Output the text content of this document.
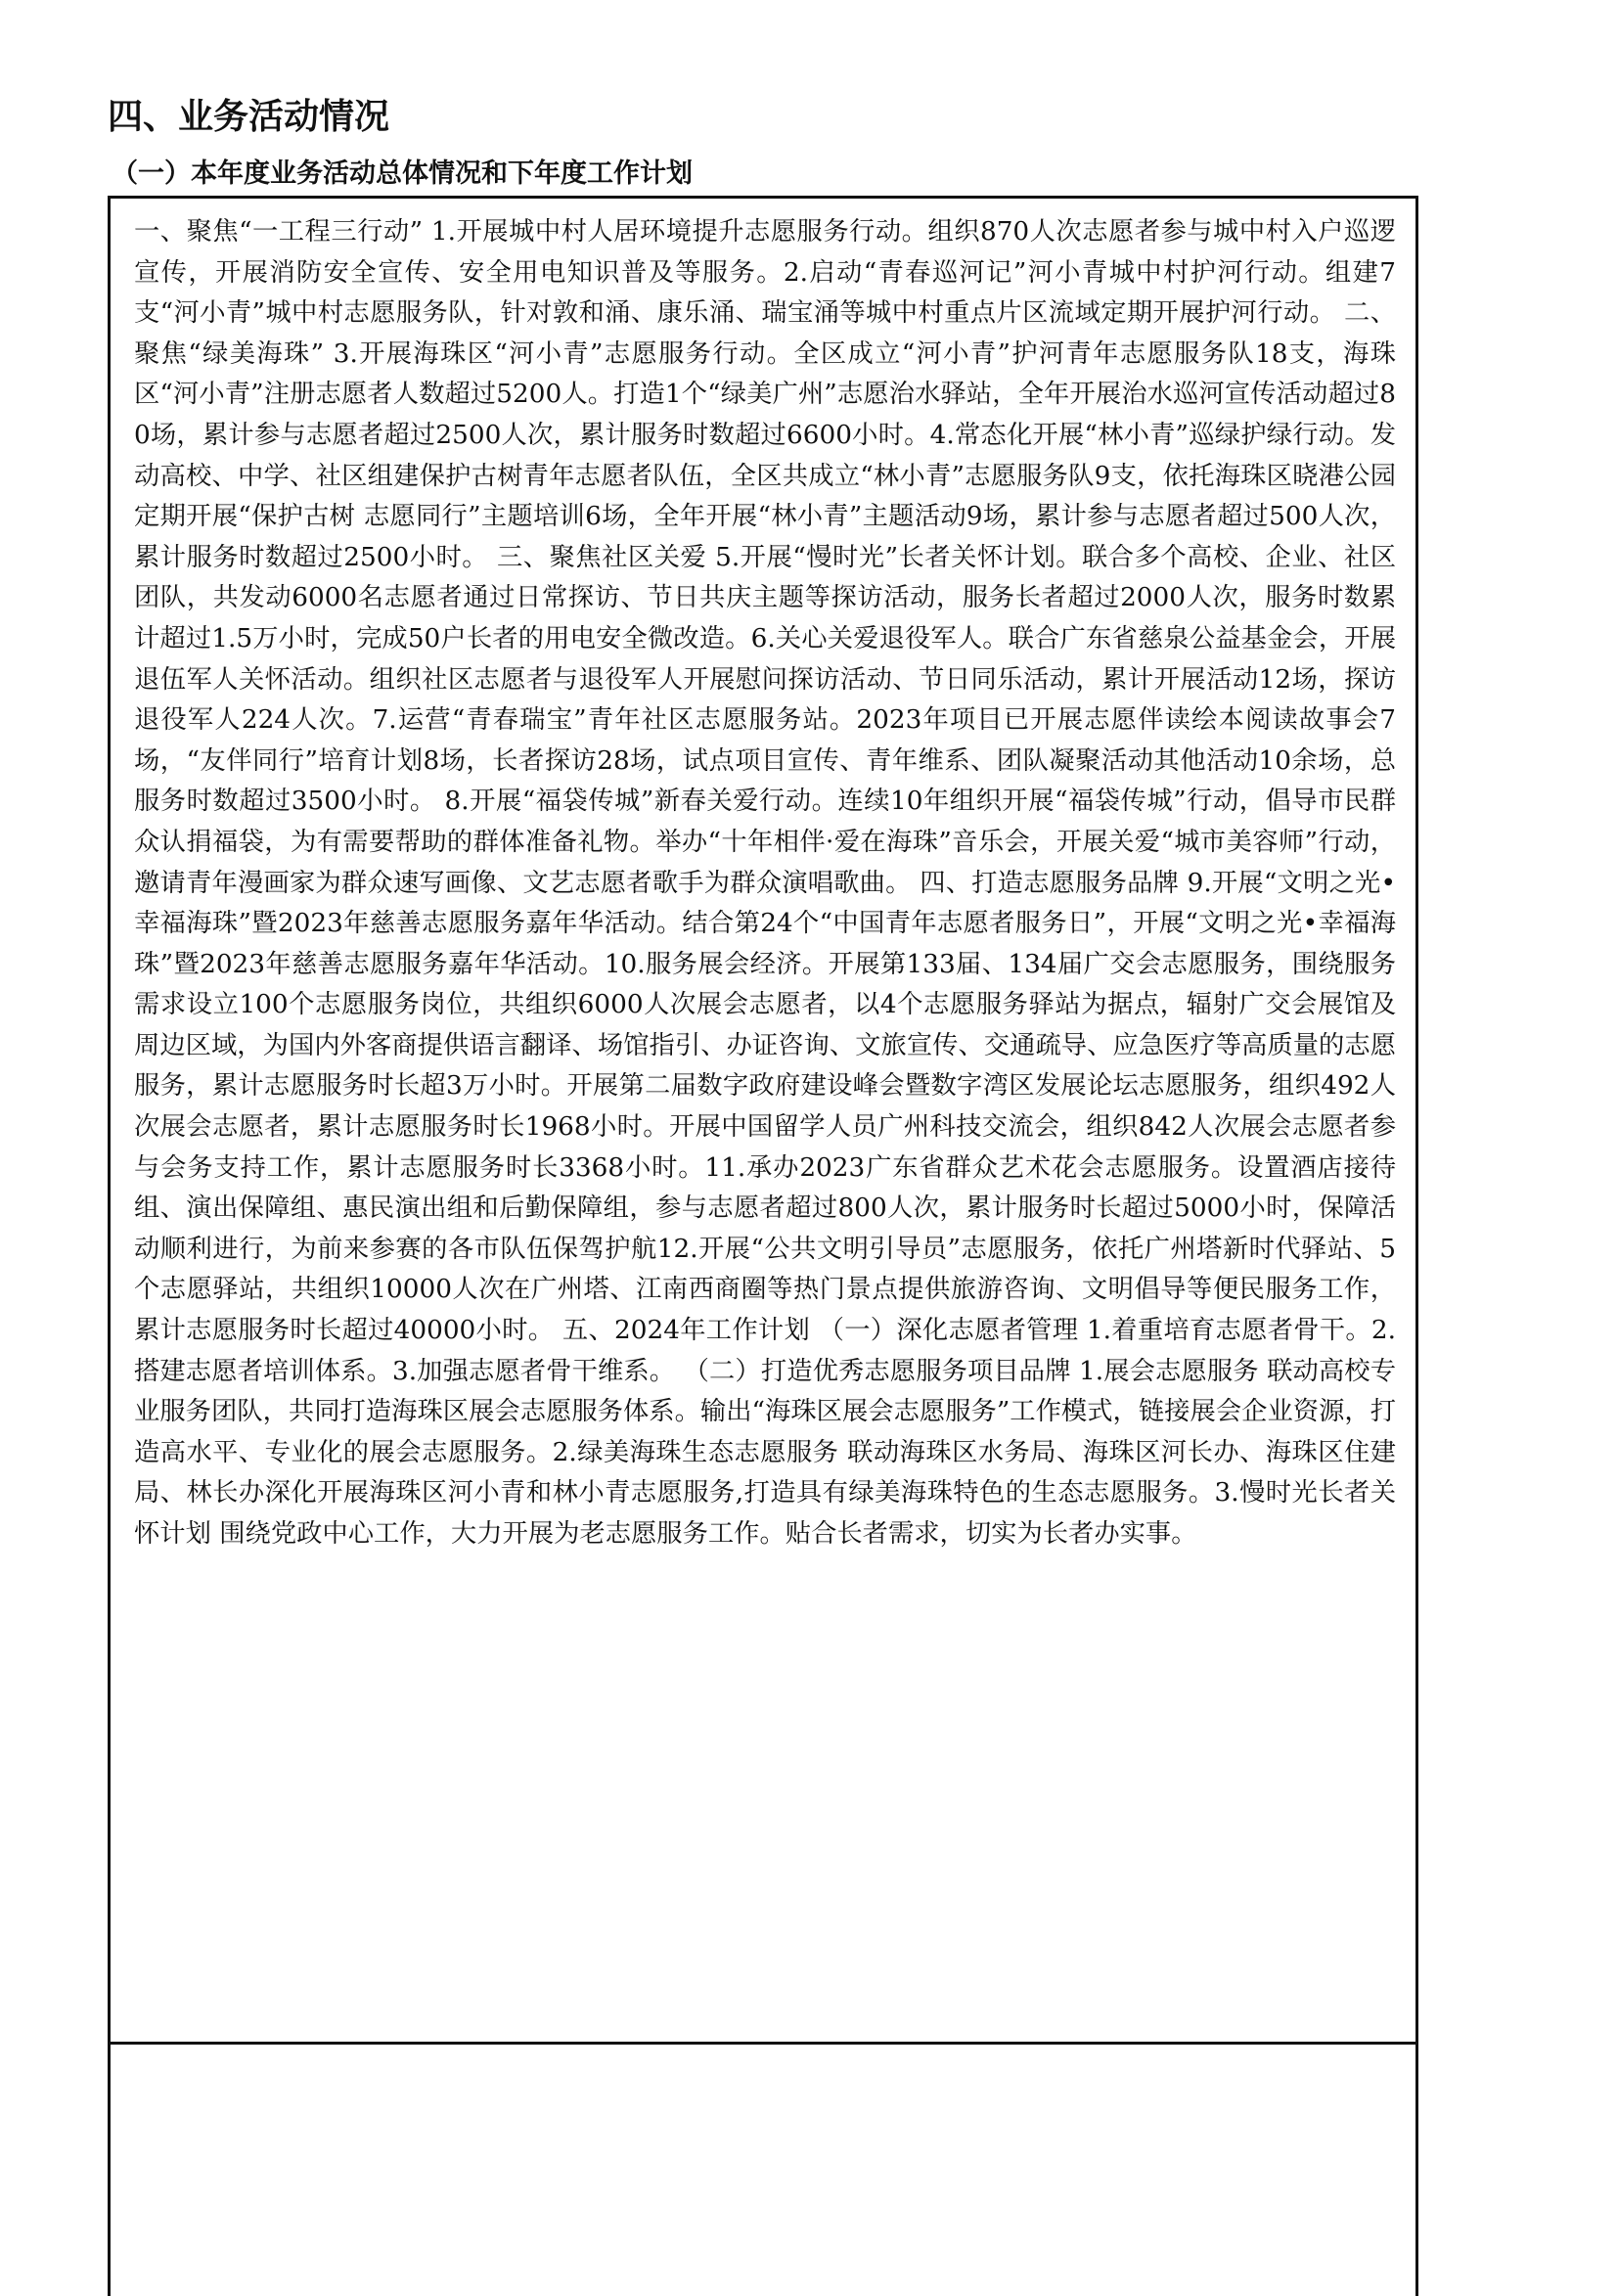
四、业务活动情况
（一）本年度业务活动总体情况和下年度工作计划

一、聚焦“一工程三行动” 1.开展城中村人居环境提升志愿服务行动。组织870人次志愿者参与城中村入户巡逻宣传，开展消防安全宣传、安全用电知识普及等服务。2.启动“青春巡河记”河小青城中村护河行动。组建7支“河小青”城中村志愿服务队，针对敦和涌、康乐涌、瑞宝涌等城中村重点片区流域定期开展护河行动。 二、聚焦“绿美海珠” 3.开展海珠区“河小青”志愿服务行动。全区成立“河小青”护河青年志愿服务队18支，海珠区“河小青”注册志愿者人数超过5200人。打造1个“绿美广州”志愿治水驿站，全年开展治水巡河宣传活动超过80场，累计参与志愿者超过2500人次，累计服务时数超过6600小时。4.常态化开展“林小青”巡绿护绿行动。发动高校、中学、社区组建保护古树青年志愿者队伍，全区共成立“林小青”志愿服务队9支，依托海珠区晓港公园定期开展“保护古树 志愿同行”主题培训6场，全年开展“林小青”主题活动9场，累计参与志愿者超过500人次，累计服务时数超过2500小时。 三、聚焦社区关爱 5.开展“慢时光”长者关怀计划。联合多个高校、企业、社区团队，共发动6000名志愿者通过日常探访、节日共庆主题等探访活动，服务长者超过2000人次，服务时数累计超过1.5万小时，完成50户长者的用电安全微改造。6.关心关爱退役军人。联合广东省慈泉公益基金会，开展退伍军人关怀活动。组织社区志愿者与退役军人开展慰问探访活动、节日同乐活动，累计开展活动12场，探访退役军人224人次。7.运营“青春瑞宝”青年社区志愿服务站。2023年项目已开展志愿伴读绘本阅读故事会7场，“友伴同行”培育计划8场，长者探访28场，试点项目宣传、青年维系、团队凝聚活动其他活动10余场，总服务时数超过3500小时。 8.开展“福袋传城”新春关爱行动。连续10年组织开展“福袋传城”行动，倡导市民群众认捐福袋，为有需要帮助的群体准备礼物。举办“十年相伴·爱在海珠”音乐会，开展关爱“城市美容师”行动，邀请青年漫画家为群众速写画像、文艺志愿者歌手为群众演唱歌曲。 四、打造志愿服务品牌 9.开展“文明之光•幸福海珠”暨2023年慈善志愿服务嘉年华活动。结合第24个“中国青年志愿者服务日”，开展“文明之光•幸福海珠”暨2023年慈善志愿服务嘉年华活动。10.服务展会经济。开展第133届、134届广交会志愿服务，围绕服务需求设立100个志愿服务岗位，共组织6000人次展会志愿者，以4个志愿服务驿站为据点，辐射广交会展馆及周边区域，为国内外客商提供语言翻译、场馆指引、办证咨询、文旅宣传、交通疏导、应急医疗等高质量的志愿服务，累计志愿服务时长超3万小时。开展第二届数字政府建设峰会暨数字湾区发展论坛志愿服务，组织492人次展会志愿者，累计志愿服务时长1968小时。开展中国留学人员广州科技交流会，组织842人次展会志愿者参与会务支持工作，累计志愿服务时长3368小时。11.承办2023广东省群众艺术花会志愿服务。设置酒店接待组、演出保障组、惠民演出组和后勤保障组，参与志愿者超过800人次，累计服务时长超过5000小时，保障活动顺利进行，为前来参赛的各市队伍保驾护航12.开展“公共文明引导员”志愿服务，依托广州塔新时代驿站、5个志愿驿站，共组织10000人次在广州塔、江南西商圈等热门景点提供旅游咨询、文明倡导等便民服务工作，累计志愿服务时长超过40000小时。 五、2024年工作计划 （一）深化志愿者管理 1.着重培育志愿者骨干。2.搭建志愿者培训体系。3.加强志愿者骨干维系。 （二）打造优秀志愿服务项目品牌 1.展会志愿服务 联动高校专业服务团队，共同打造海珠区展会志愿服务体系。输出“海珠区展会志愿服务”工作模式，链接展会企业资源，打造高水平、专业化的展会志愿服务。2.绿美海珠生态志愿服务 联动海珠区水务局、海珠区河长办、海珠区住建局、林长办深化开展海珠区河小青和林小青志愿服务,打造具有绿美海珠特色的生态志愿服务。3.慢时光长者关怀计划 围绕党政中心工作，大力开展为老志愿服务工作。贴合长者需求，切实为长者办实事。
